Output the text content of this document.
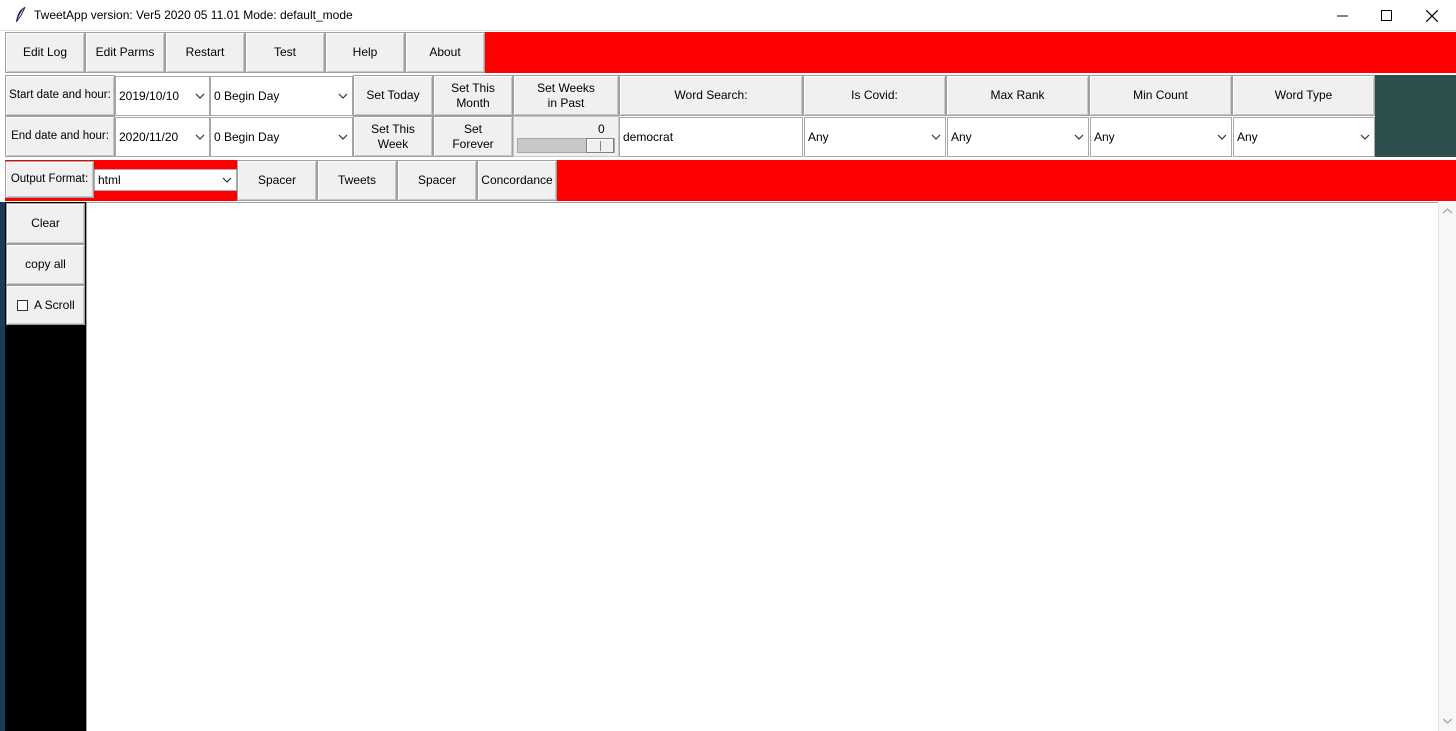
TweetApp version: Ver5 2020 05 11.01 Mode: default_mode
Edit Log	Edit Parms	Restart	Test	Help	About
Start date and hour:
End date and hour:
2019/10/10	0 Begin Day
2020/11/20	0 Begin Day
Set Today
Set This
Month
Set Weeks
in Past
Set This
Week
Set
Forever
0
Word Search:	Is Covid:	Max Rank	Min Count	Word Type
democrat	Any	Any	Any	Any
Output Format: html	Spacer	Tweets	Spacer	Concordance
Clear
copy all
A Scroll
